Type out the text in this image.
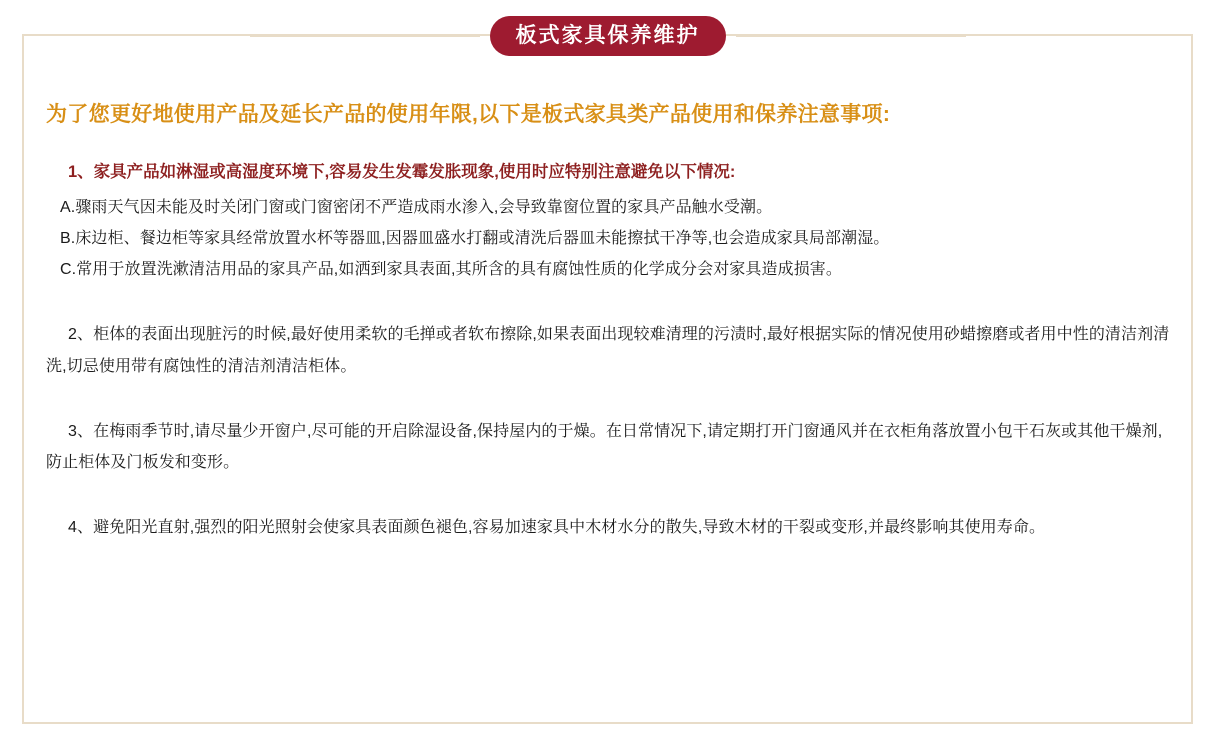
板式家具保养维护
为了您更好地使用产品及延长产品的使用年限,以下是板式家具类产品使用和保养注意事项:
1、家具产品如淋湿或高湿度环境下,容易发生发霉发胀现象,使用时应特别注意避免以下情况:
A.骤雨天气因未能及时关闭门窗或门窗密闭不严造成雨水渗入,会导致靠窗位置的家具产品触水受潮。
B.床边柜、餐边柜等家具经常放置水杯等器皿,因器皿盛水打翻或清洗后器皿未能擦拭干净等,也会造成家具局部潮湿。
C.常用于放置洗漱清洁用品的家具产品,如洒到家具表面,其所含的具有腐蚀性质的化学成分会对家具造成损害。
2、柜体的表面出现脏污的时候,最好使用柔软的毛掸或者软布擦除,如果表面出现较难清理的污渍时,最好根据实际的情况使用砂蜡擦磨或者用中性的清洁剂清洗,切忌使用带有腐蚀性的清洁剂清洁柜体。
3、在梅雨季节时,请尽量少开窗户,尽可能的开启除湿设备,保持屋内的于燥。在日常情况下,请定期打开门窗通风并在衣柜角落放置小包干石灰或其他干燥剂,防止柜体及门板发和变形。
4、避免阳光直射,强烈的阳光照射会使家具表面颜色褪色,容易加速家具中木材水分的散失,导致木材的干裂或变形,并最终影响其使用寿命。
